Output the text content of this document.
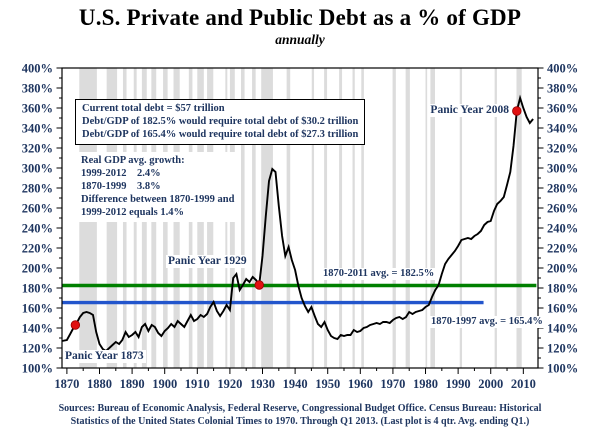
100%	100%
120%	120%
140%	140%
160%	160%
180%	180%
200%	200%
220%	220%
240%	240%
260%	260%
280%	280%
300%	300%
320%	320%
340%	340%
360%	360%
380%	380%
400%	400%
1870 1880 1890 1900 1910 1920 1930 1940 1950 1960 1970 1980 1990 2000 2010
U.S. Private and Public Debt as a % of GDP
annually
Current total debt = $57 trillion
Debt/GDP of 182.5% would require total debt of $30.2 trillion
Debt/GDP of 165.4% would require total debt of $27.3 trillion
Real GDP avg. growth:
1999-2012    2.4%
1870-1999    3.8%
Difference between 1870-1999 and
1999-2012 equals 1.4%
Panic Year 1873
Panic Year 1929
Panic Year 2008
1870-2011 avg. = 182.5%
1870-1997 avg. = 165.4%
Sources: Bureau of Economic Analysis, Federal Reserve, Congressional Budget Office. Census Bureau: Historical
Statistics of the United States Colonial Times to 1970. Through Q1 2013. (Last plot is 4 qtr. Avg. ending Q1.)
